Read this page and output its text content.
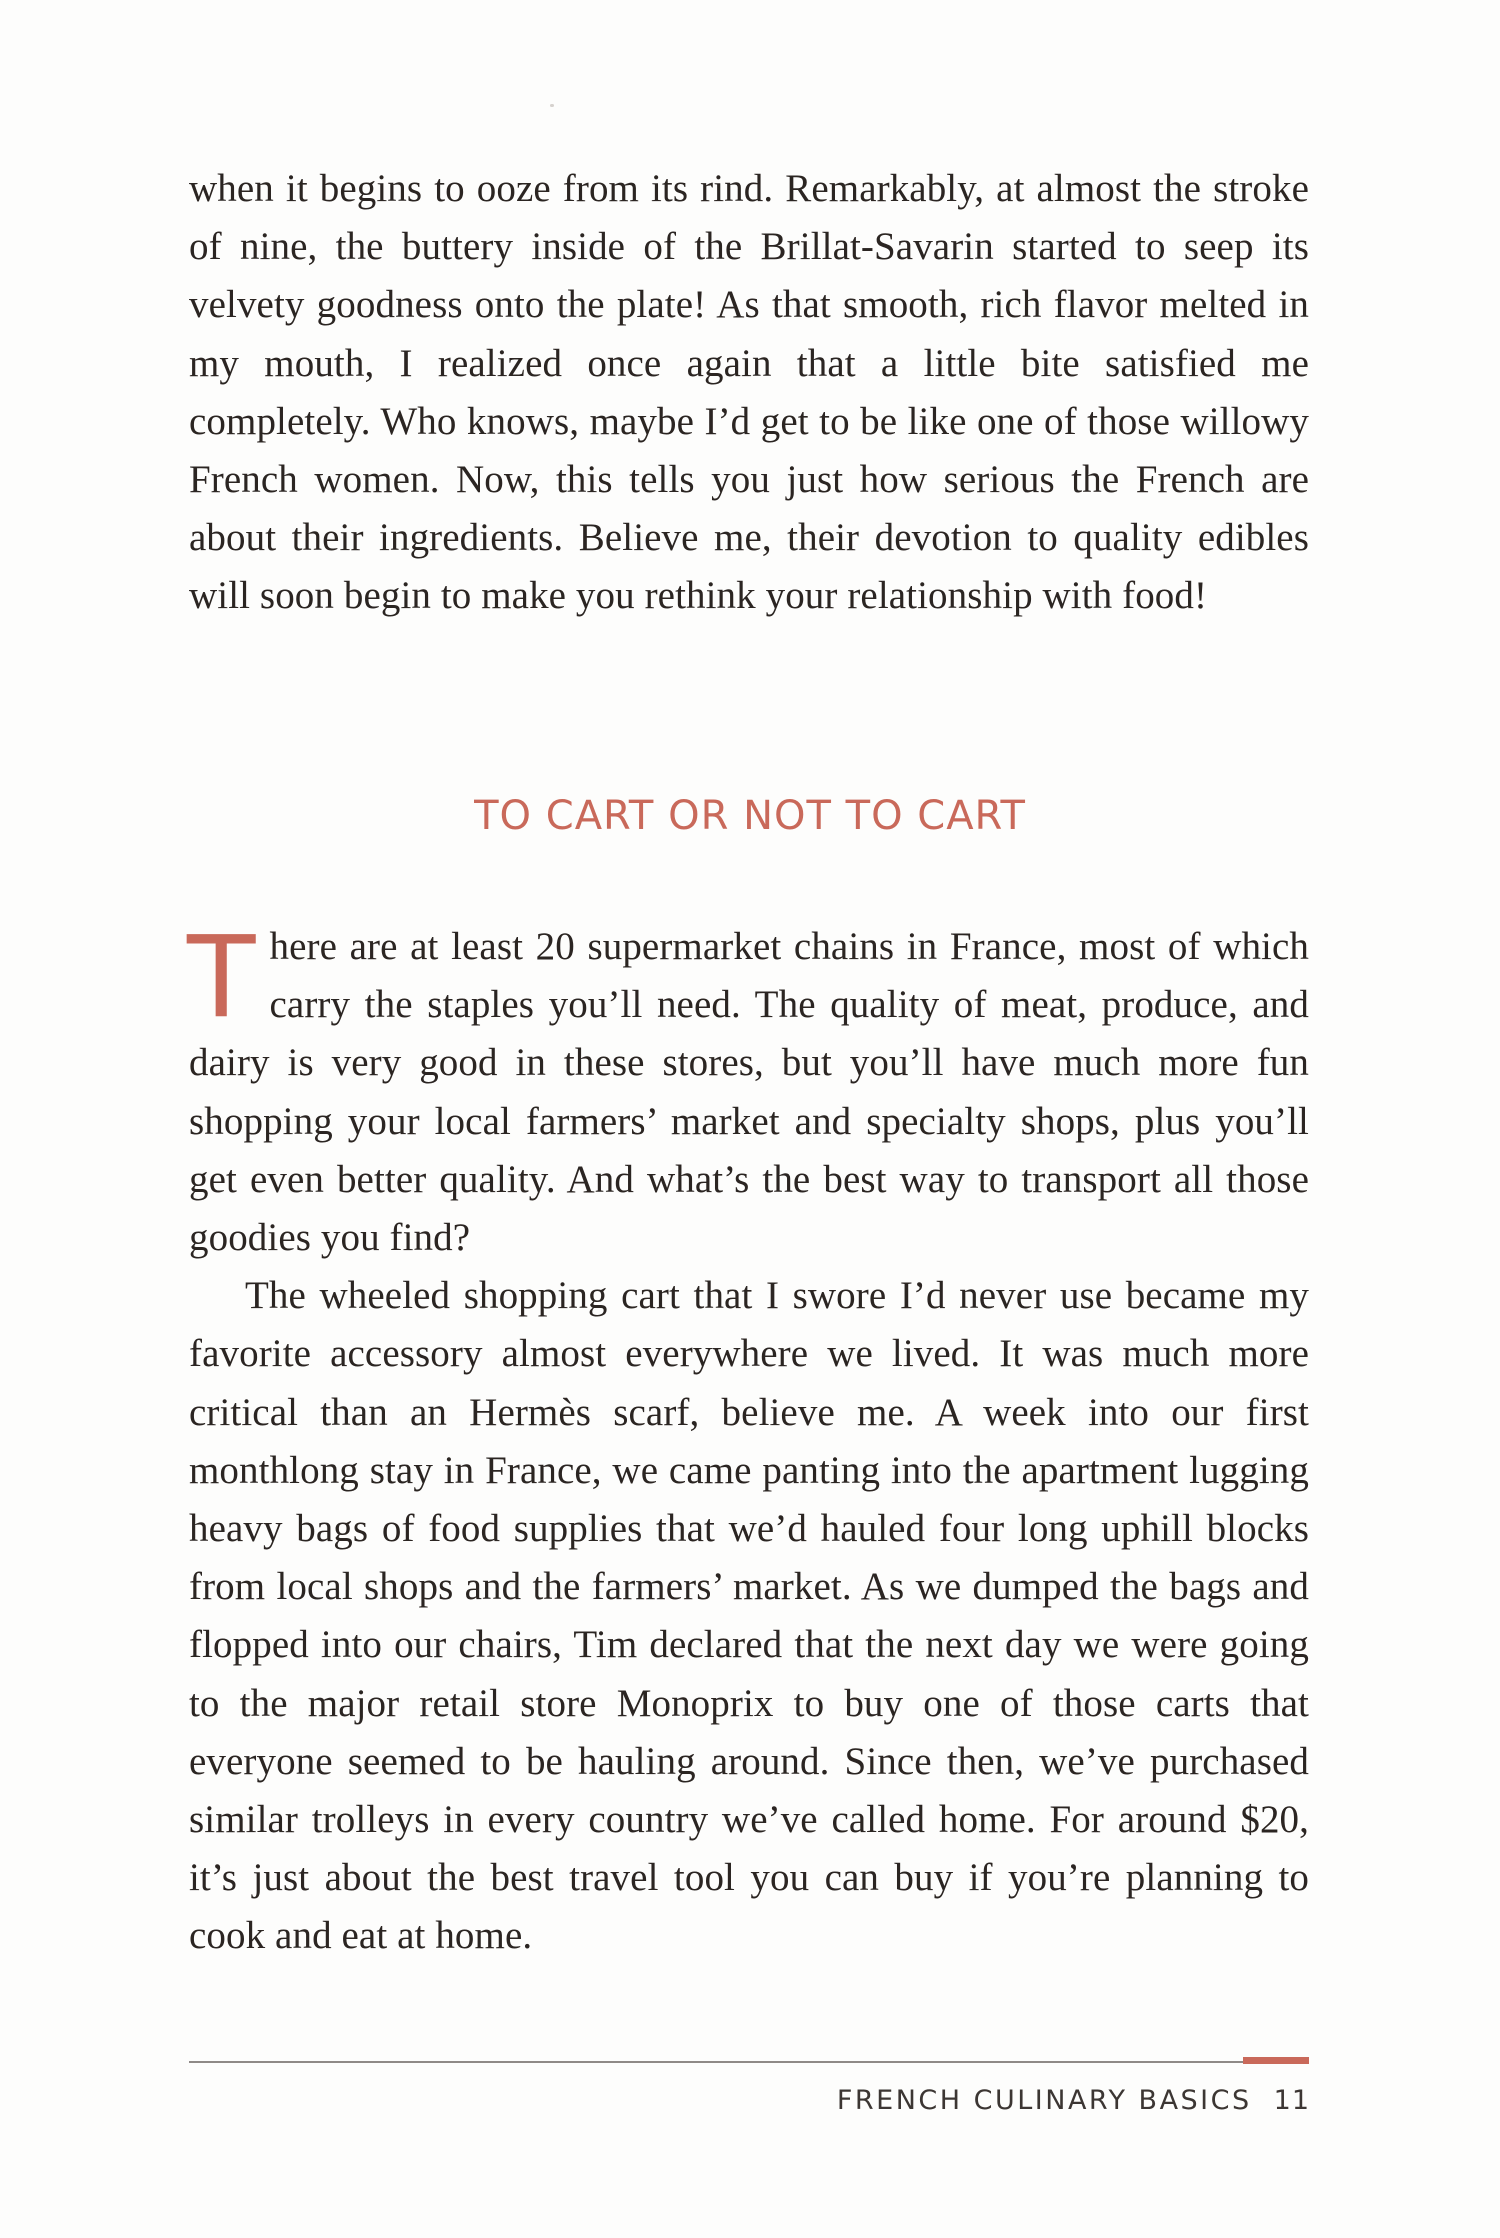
when it begins to ooze from its rind. Remarkably, at almost the stroke of nine, the buttery inside of the Brillat-Savarin started to seep its velvety goodness onto the plate! As that smooth, rich flavor melted in my mouth, I realized once again that a little bite satisfied me completely. Who knows, maybe I’d get to be like one of those willowy French women. Now, this tells you just how serious the French are about their ingredients. Believe me, their devotion to quality edibles will soon begin to make you rethink your relationship with food!

TO CART OR NOT TO CART

There are at least 20 supermarket chains in France, most of which carry the staples you’ll need. The quality of meat, produce, and dairy is very good in these stores, but you’ll have much more fun shopping your local farmers’ market and specialty shops, plus you’ll get even better quality. And what’s the best way to transport all those goodies you find?

The wheeled shopping cart that I swore I’d never use became my favorite accessory almost everywhere we lived. It was much more critical than an Hermès scarf, believe me. A week into our first monthlong stay in France, we came panting into the apartment lugging heavy bags of food supplies that we’d hauled four long uphill blocks from local shops and the farmers’ market. As we dumped the bags and flopped into our chairs, Tim declared that the next day we were going to the major retail store Monoprix to buy one of those carts that everyone seemed to be hauling around. Since then, we’ve purchased similar trolleys in every country we’ve called home. For around $20, it’s just about the best travel tool you can buy if you’re planning to cook and eat at home.

FRENCH CULINARY BASICS 11
